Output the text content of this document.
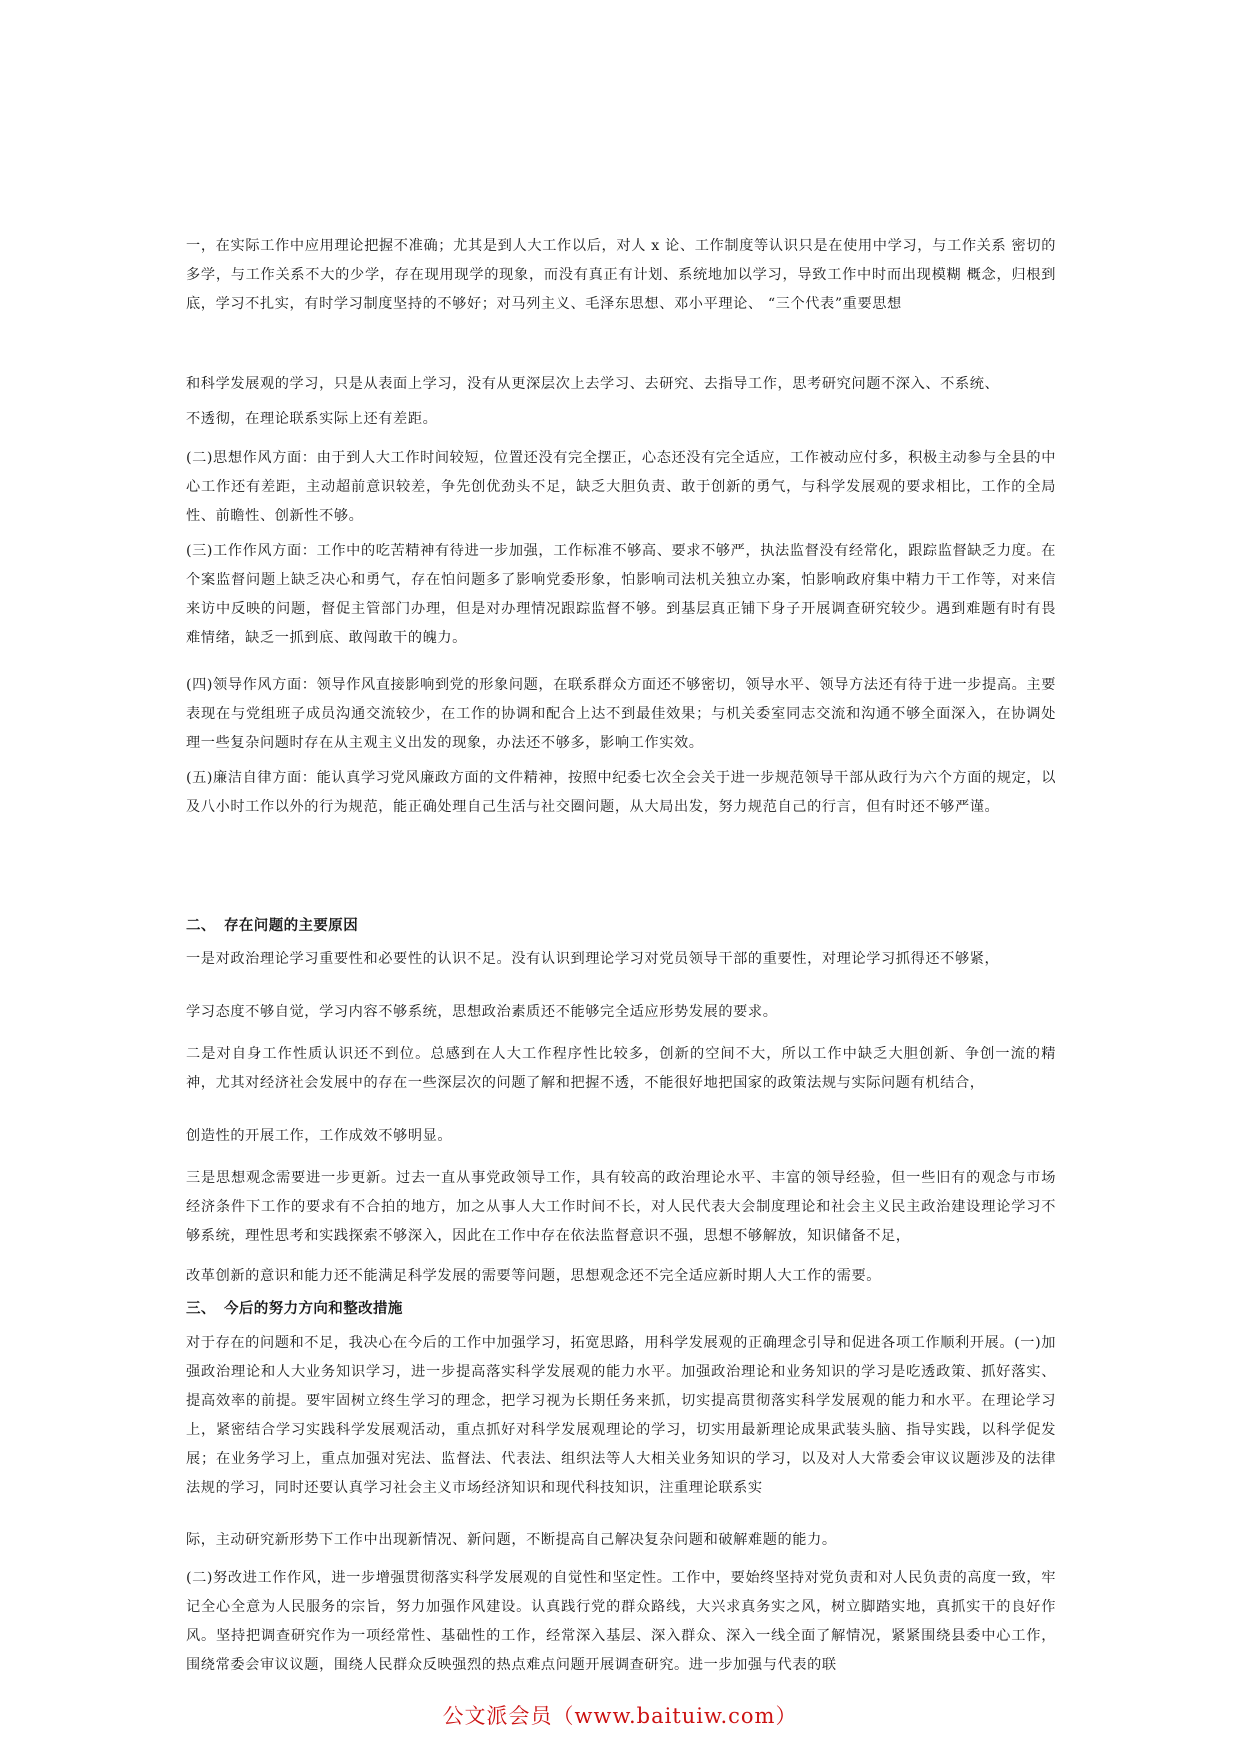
一，在实际工作中应用理论把握不准确；尤其是到人大工作以后，对人 x 论、工作制度等认识只是在使用中学习，与工作关系 密切的多学，与工作关系不大的少学，存在现用现学的现象，而没有真正有计划、系统地加以学习，导致工作中时而出现模糊 概念，归根到底，学习不扎实，有时学习制度坚持的不够好；对马列主义、毛泽东思想、邓小平理论、 “三个代表”重要思想

和科学发展观的学习，只是从表面上学习，没有从更深层次上去学习、去研究、去指导工作，思考研究问题不深入、不系统、

不透彻，在理论联系实际上还有差距。

(二)思想作风方面：由于到人大工作时间较短，位置还没有完全摆正，心态还没有完全适应，工作被动应付多，积极主动参与全县的中心工作还有差距，主动超前意识较差，争先创优劲头不足，缺乏大胆负责、敢于创新的勇气，与科学发展观的要求相比，工作的全局性、前瞻性、创新性不够。

(三)工作作风方面：工作中的吃苦精神有待进一步加强，工作标准不够高、要求不够严，执法监督没有经常化，跟踪监督缺乏力度。在个案监督问题上缺乏决心和勇气，存在怕问题多了影响党委形象，怕影响司法机关独立办案，怕影响政府集中精力干工作等，对来信来访中反映的问题，督促主管部门办理，但是对办理情况跟踪监督不够。到基层真正铺下身子开展调查研究较少。遇到难题有时有畏难情绪，缺乏一抓到底、敢闯敢干的魄力。

(四)领导作风方面：领导作风直接影响到党的形象问题，在联系群众方面还不够密切，领导水平、领导方法还有待于进一步提高。主要表现在与党组班子成员沟通交流较少，在工作的协调和配合上达不到最佳效果；与机关委室同志交流和沟通不够全面深入，在协调处理一些复杂问题时存在从主观主义出发的现象，办法还不够多，影响工作实效。

(五)廉洁自律方面：能认真学习党风廉政方面的文件精神，按照中纪委七次全会关于进一步规范领导干部从政行为六个方面的规定，以及八小时工作以外的行为规范，能正确处理自己生活与社交圈问题，从大局出发，努力规范自己的行言，但有时还不够严谨。

二、 存在问题的主要原因

一是对政治理论学习重要性和必要性的认识不足。没有认识到理论学习对党员领导干部的重要性，对理论学习抓得还不够紧，

学习态度不够自觉，学习内容不够系统，思想政治素质还不能够完全适应形势发展的要求。

二是对自身工作性质认识还不到位。总感到在人大工作程序性比较多，创新的空间不大，所以工作中缺乏大胆创新、争创一流的精神，尤其对经济社会发展中的存在一些深层次的问题了解和把握不透，不能很好地把国家的政策法规与实际问题有机结合，

创造性的开展工作，工作成效不够明显。

三是思想观念需要进一步更新。过去一直从事党政领导工作，具有较高的政治理论水平、丰富的领导经验，但一些旧有的观念与市场经济条件下工作的要求有不合拍的地方，加之从事人大工作时间不长，对人民代表大会制度理论和社会主义民主政治建设理论学习不够系统，理性思考和实践探索不够深入，因此在工作中存在依法监督意识不强，思想不够解放，知识储备不足，

改革创新的意识和能力还不能满足科学发展的需要等问题，思想观念还不完全适应新时期人大工作的需要。

三、 今后的努力方向和整改措施

对于存在的问题和不足，我决心在今后的工作中加强学习，拓宽思路，用科学发展观的正确理念引导和促进各项工作顺利开展。(一)加强政治理论和人大业务知识学习，进一步提高落实科学发展观的能力水平。加强政治理论和业务知识的学习是吃透政策、抓好落实、提高效率的前提。要牢固树立终生学习的理念，把学习视为长期任务来抓，切实提高贯彻落实科学发展观的能力和水平。在理论学习上，紧密结合学习实践科学发展观活动，重点抓好对科学发展观理论的学习，切实用最新理论成果武装头脑、指导实践，以科学促发展；在业务学习上，重点加强对宪法、监督法、代表法、组织法等人大相关业务知识的学习，以及对人大常委会审议议题涉及的法律法规的学习，同时还要认真学习社会主义市场经济知识和现代科技知识，注重理论联系实

际，主动研究新形势下工作中出现新情况、新问题，不断提高自己解决复杂问题和破解难题的能力。

(二)努改进工作作风，进一步增强贯彻落实科学发展观的自觉性和坚定性。工作中，要始终坚持对党负责和对人民负责的高度一致，牢记全心全意为人民服务的宗旨，努力加强作风建设。认真践行党的群众路线，大兴求真务实之风，树立脚踏实地，真抓实干的良好作风。坚持把调查研究作为一项经常性、基础性的工作，经常深入基层、深入群众、深入一线全面了解情况，紧紧围绕县委中心工作，围绕常委会审议议题，围绕人民群众反映强烈的热点难点问题开展调查研究。进一步加强与代表的联

公文派会员（www.baituiw.com）
